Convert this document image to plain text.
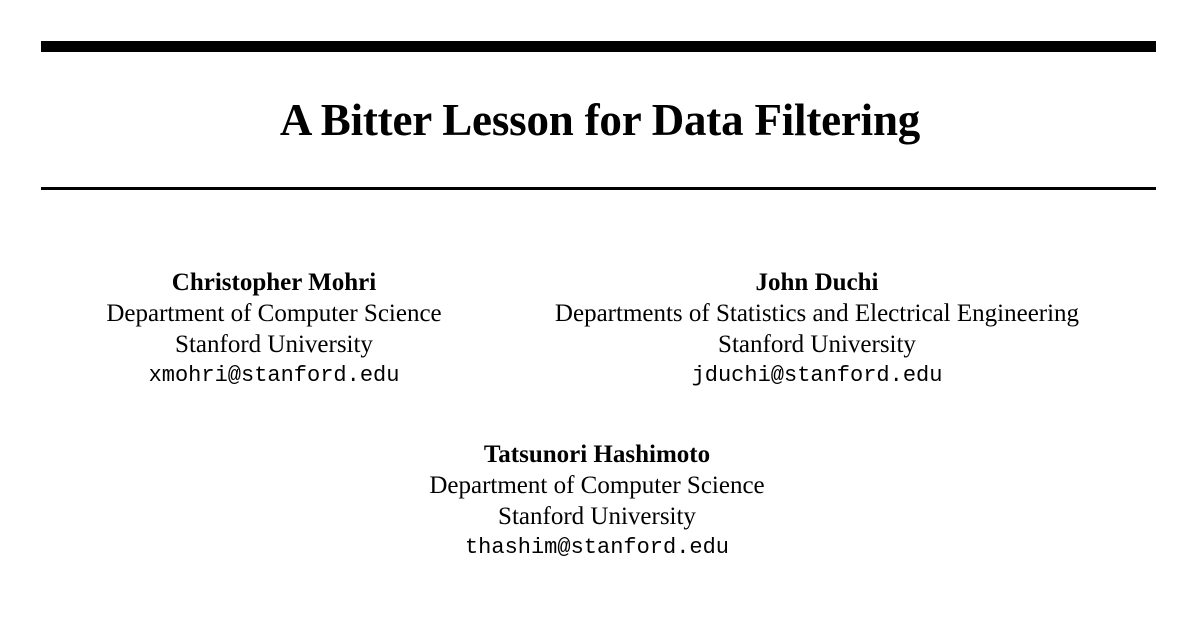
A Bitter Lesson for Data Filtering
Christopher Mohri
Department of Computer Science
Stanford University
xmohri@stanford.edu
John Duchi
Departments of Statistics and Electrical Engineering
Stanford University
jduchi@stanford.edu
Tatsunori Hashimoto
Department of Computer Science
Stanford University
thashim@stanford.edu
